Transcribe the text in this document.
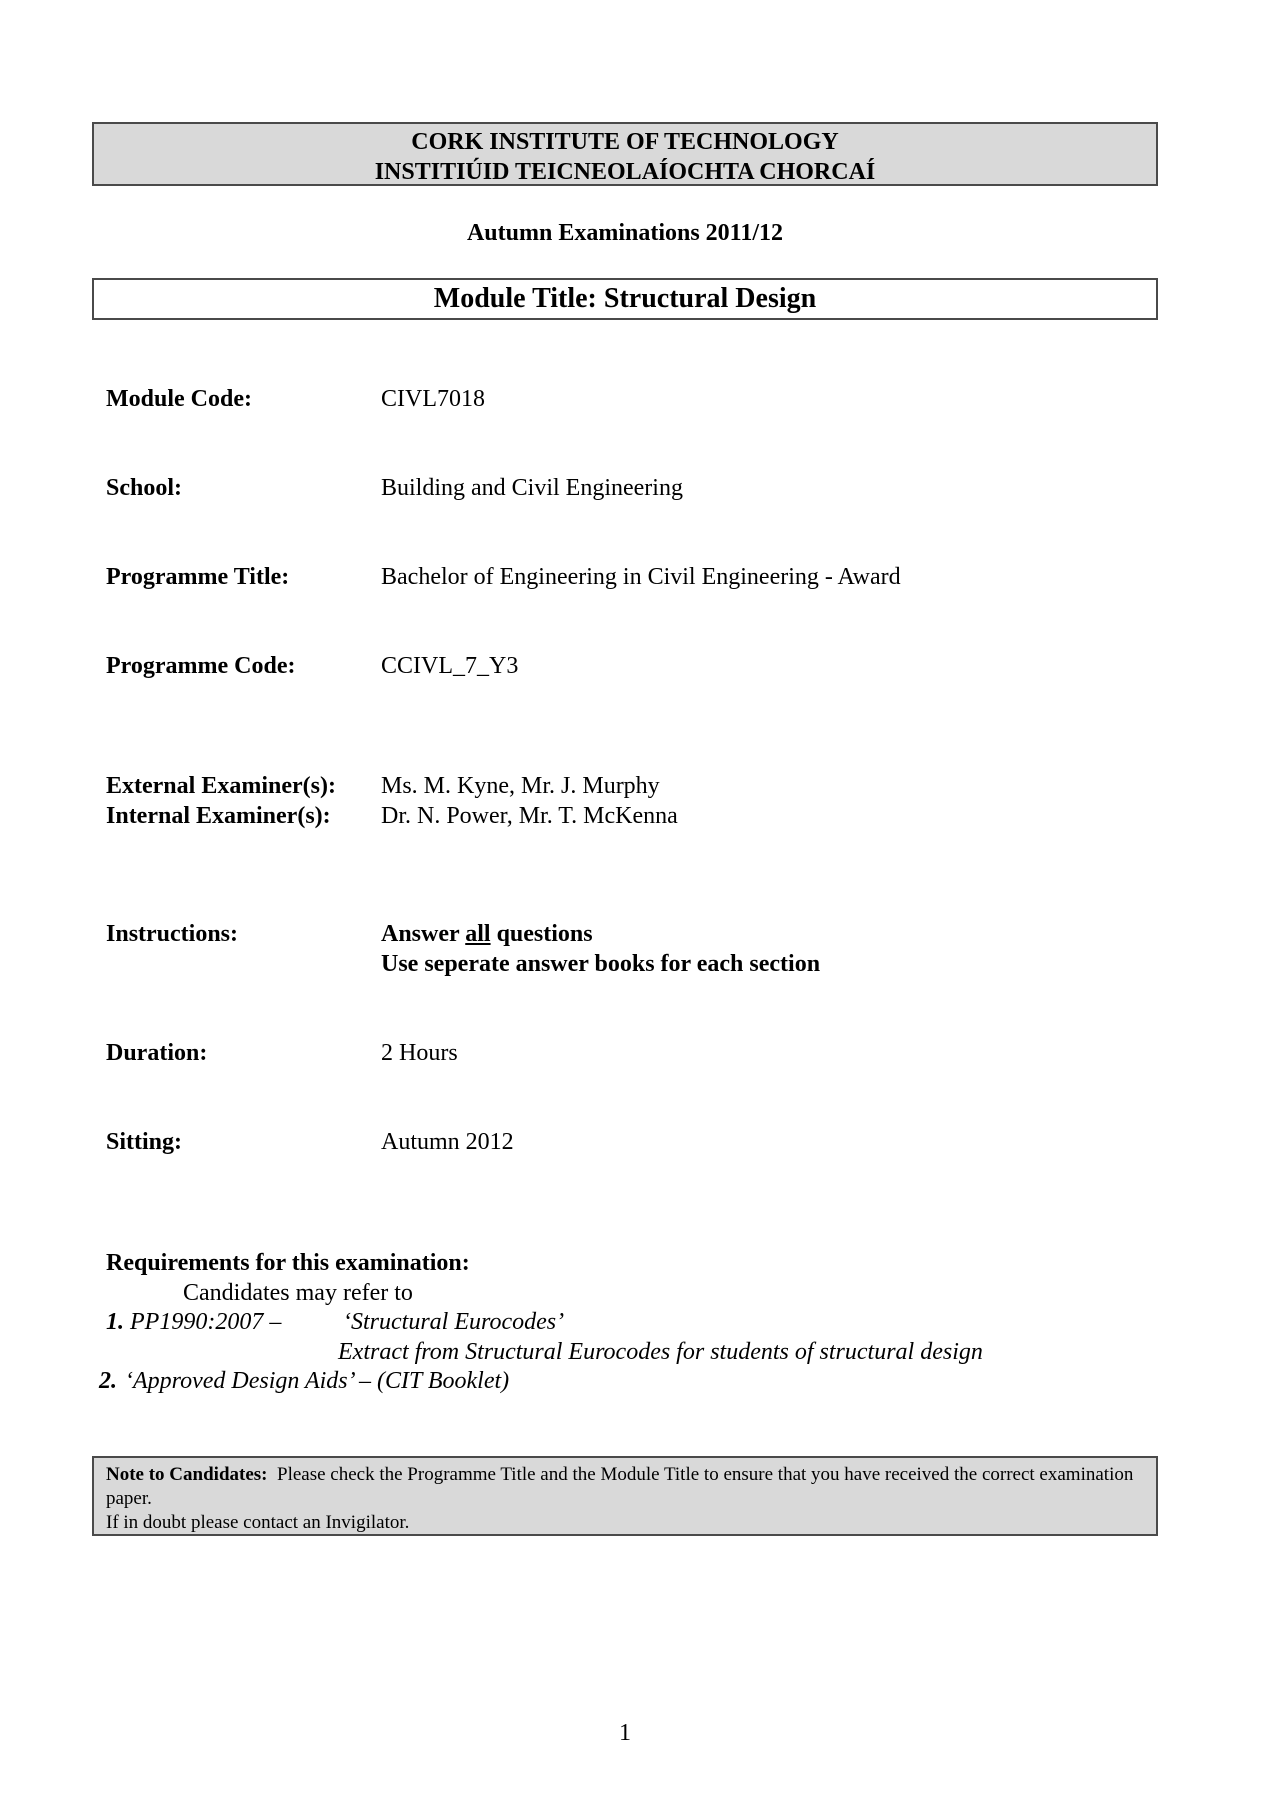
CORK INSTITUTE OF TECHNOLOGY
INSTITIÚID TEICNEOLAÍOCHTA CHORCAÍ
Autumn Examinations 2011/12
Module Title: Structural Design
Module Code:	CIVL7018
School:	Building and Civil Engineering
Programme Title:	Bachelor of Engineering in Civil Engineering - Award
Programme Code:	CCIVL_7_Y3
External Examiner(s): Ms. M. Kyne, Mr. J. Murphy
Internal Examiner(s): Dr. N. Power, Mr. T. McKenna
Instructions:	Answer all questions
Use seperate answer books for each section
Duration:	2 Hours
Sitting:	Autumn 2012
Requirements for this examination:
Candidates may refer to
1. PP1990:2007 –	‘Structural Eurocodes’
Extract from Structural Eurocodes for students of structural design
2. ‘Approved Design Aids’ – (CIT Booklet)
Note to Candidates: Please check the Programme Title and the Module Title to ensure that you have received the correct examination paper.
If in doubt please contact an Invigilator.
1
